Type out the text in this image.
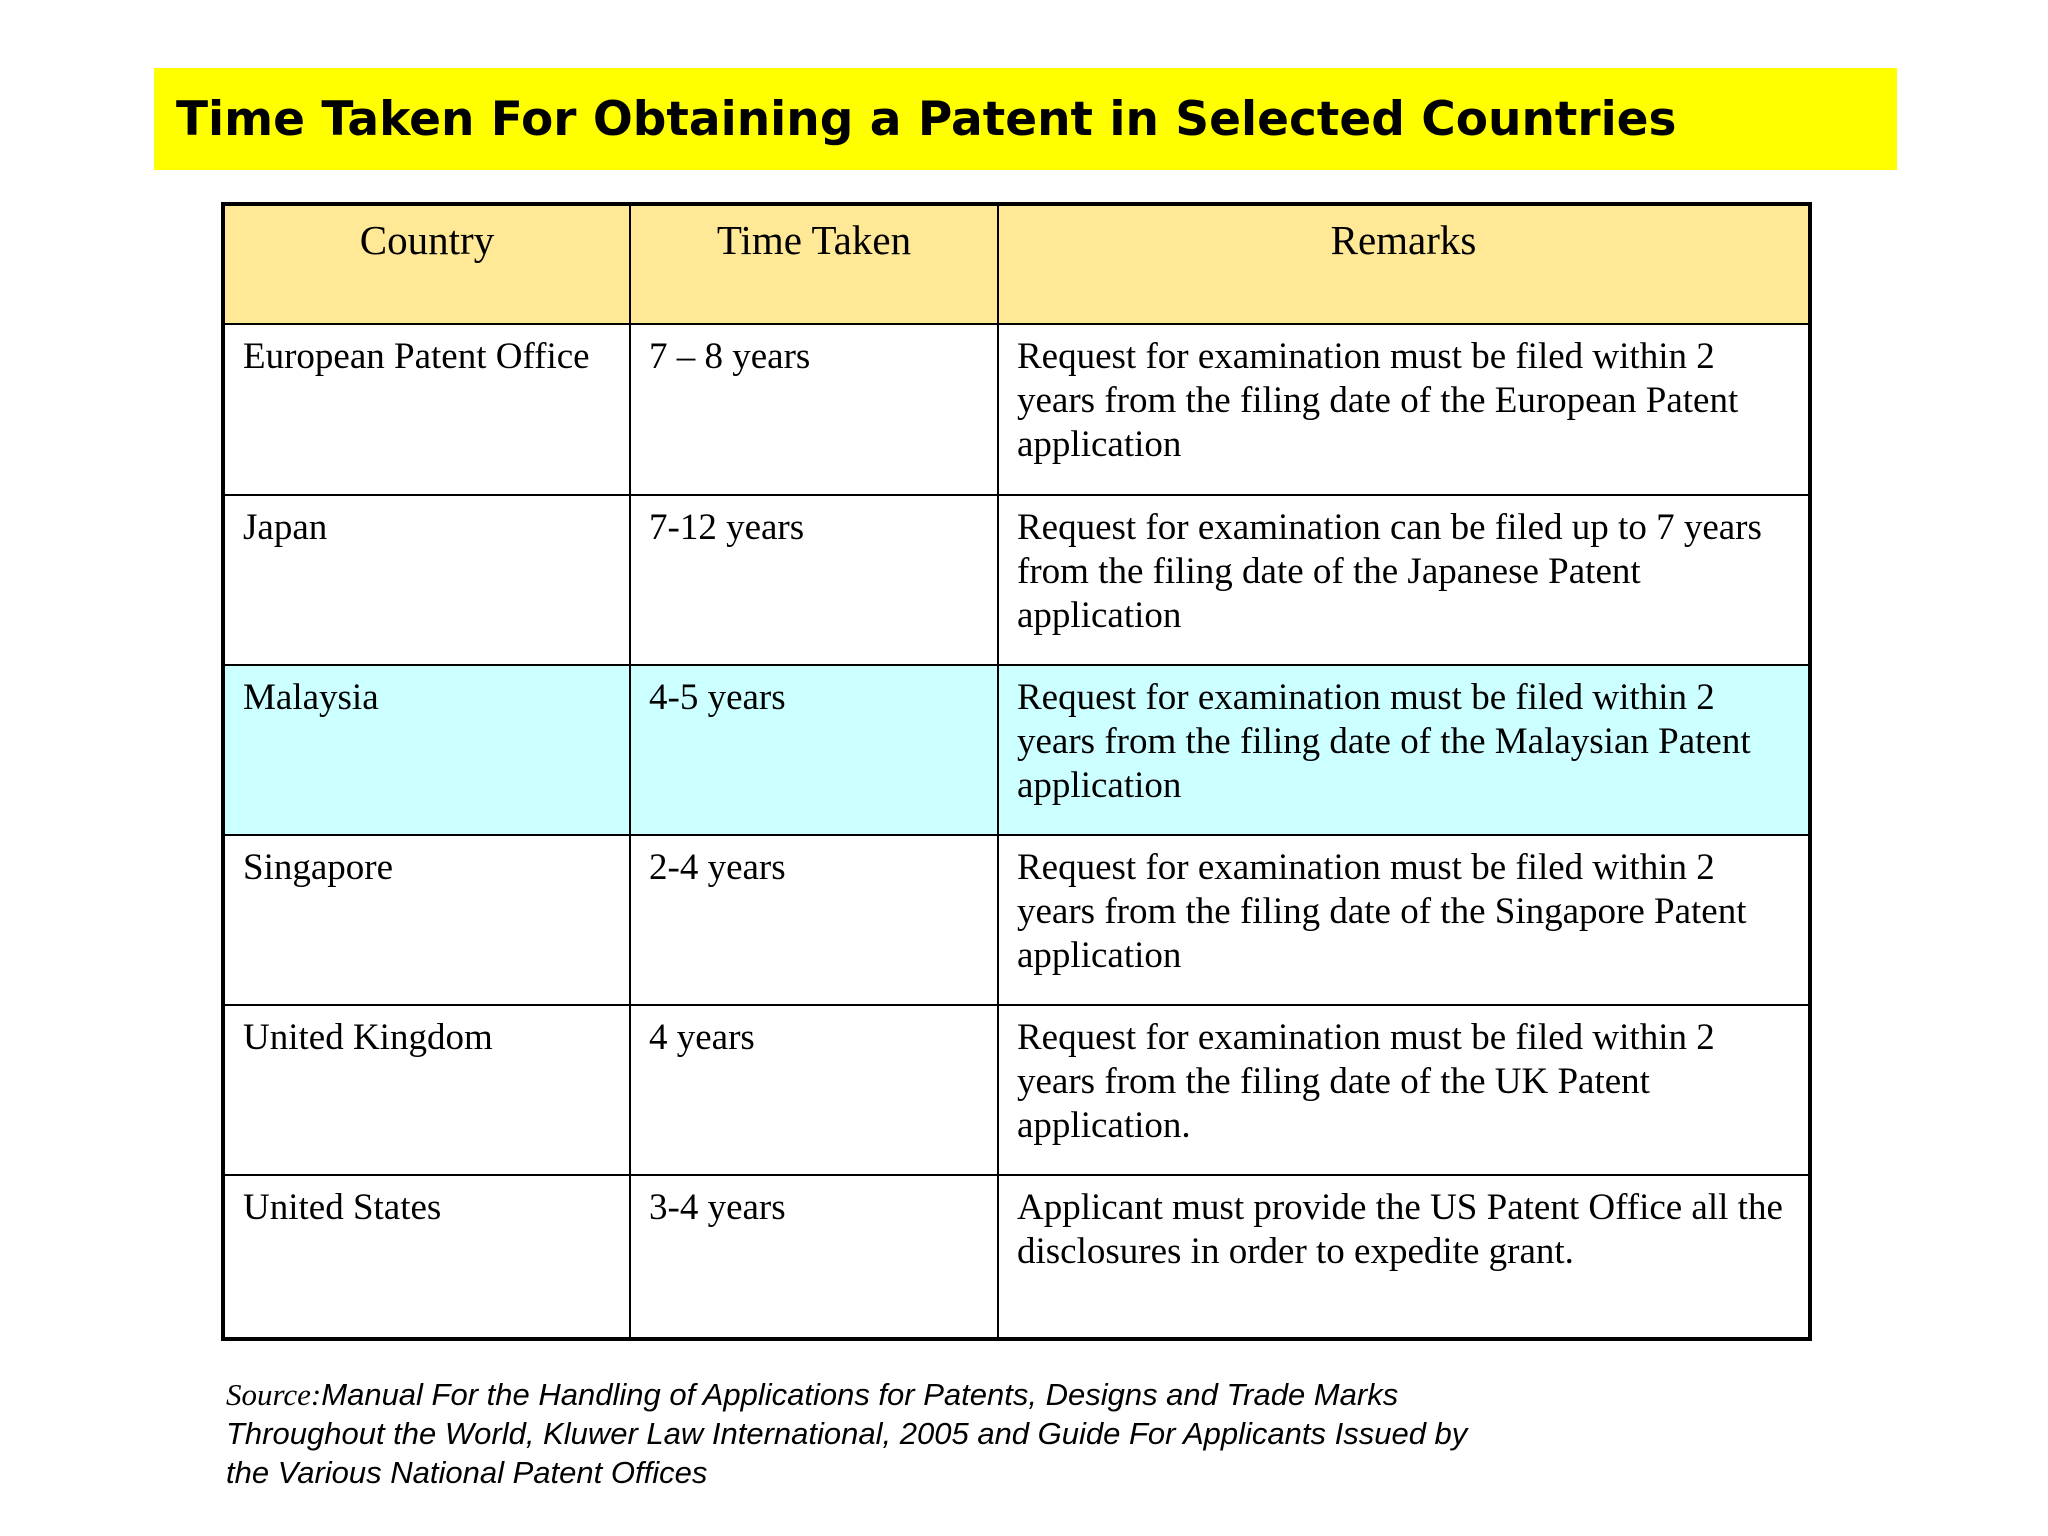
Time Taken For Obtaining a Patent in Selected Countries
Country	Time Taken	Remarks
European Patent Office	7 – 8 years	Request for examination must be filed within 2 years from the filing date of the European Patent application
Japan	7-12 years	Request for examination can be filed up to 7 years from the filing date of the Japanese Patent application
Malaysia	4-5 years	Request for examination must be filed within 2 years from the filing date of the Malaysian Patent application
Singapore	2-4 years	Request for examination must be filed within 2 years from the filing date of the Singapore Patent application
United Kingdom	4 years	Request for examination must be filed within 2 years from the filing date of the UK Patent application.
United States	3-4 years	Applicant must provide the US Patent Office all the disclosures in order to expedite grant.
Source:Manual For the Handling of Applications for Patents, Designs and Trade Marks Throughout the World, Kluwer Law International, 2005 and Guide For Applicants Issued by the Various National Patent Offices
